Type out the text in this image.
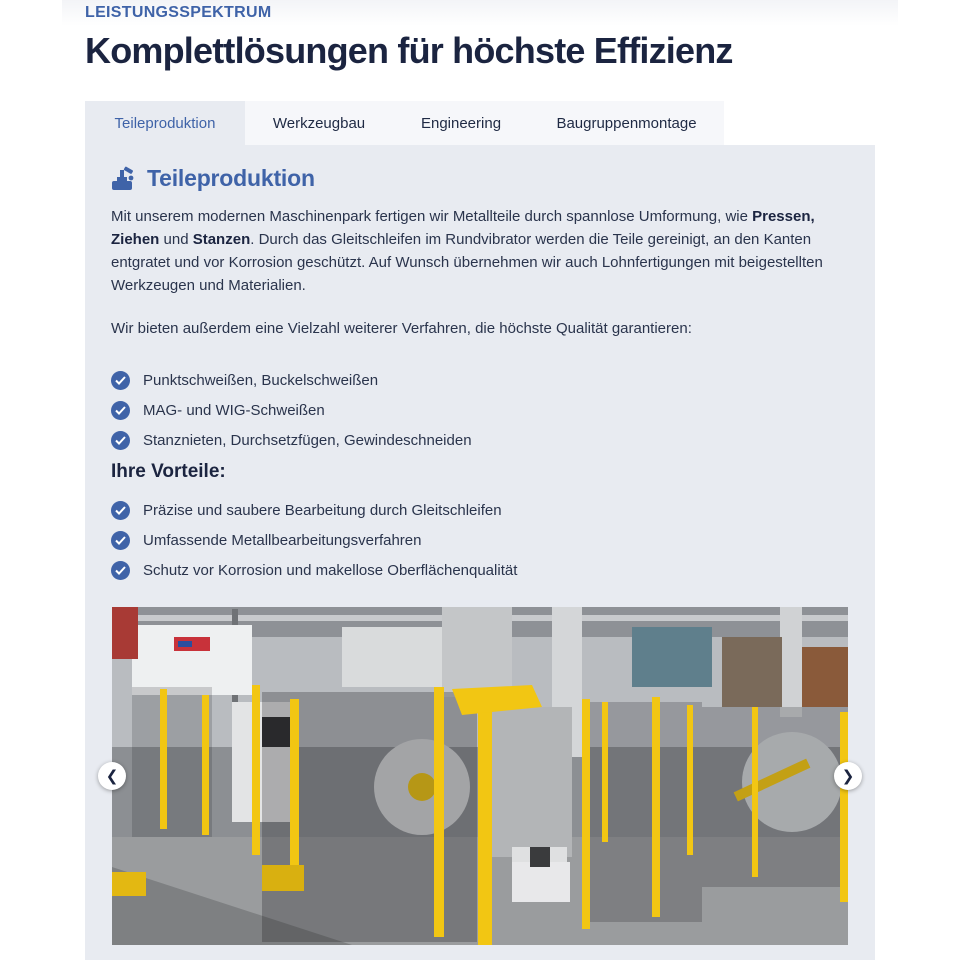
LEISTUNGSSPEKTRUM
Komplettlösungen für höchste Effizienz
Teileproduktion	Werkzeugbau	Engineering	Baugruppenmontage
Teileproduktion

Mit unserem modernen Maschinenpark fertigen wir Metallteile durch spannlose Umformung, wie Pressen, Ziehen und Stanzen. Durch das Gleitschleifen im Rundvibrator werden die Teile gereinigt, an den Kanten entgratet und vor Korrosion geschützt. Auf Wunsch übernehmen wir auch Lohnfertigungen mit beigestellten Werkzeugen und Materialien.

Wir bieten außerdem eine Vielzahl weiterer Verfahren, die höchste Qualität garantieren:

Punktschweißen, Buckelschweißen
MAG- und WIG-Schweißen
Stanznieten, Durchsetzfügen, Gewindeschneiden
Ihre Vorteile:
Präzise und saubere Bearbeitung durch Gleitschleifen
Umfassende Metallbearbeitungsverfahren
Schutz vor Korrosion und makellose Oberflächenqualität
❮	❯
